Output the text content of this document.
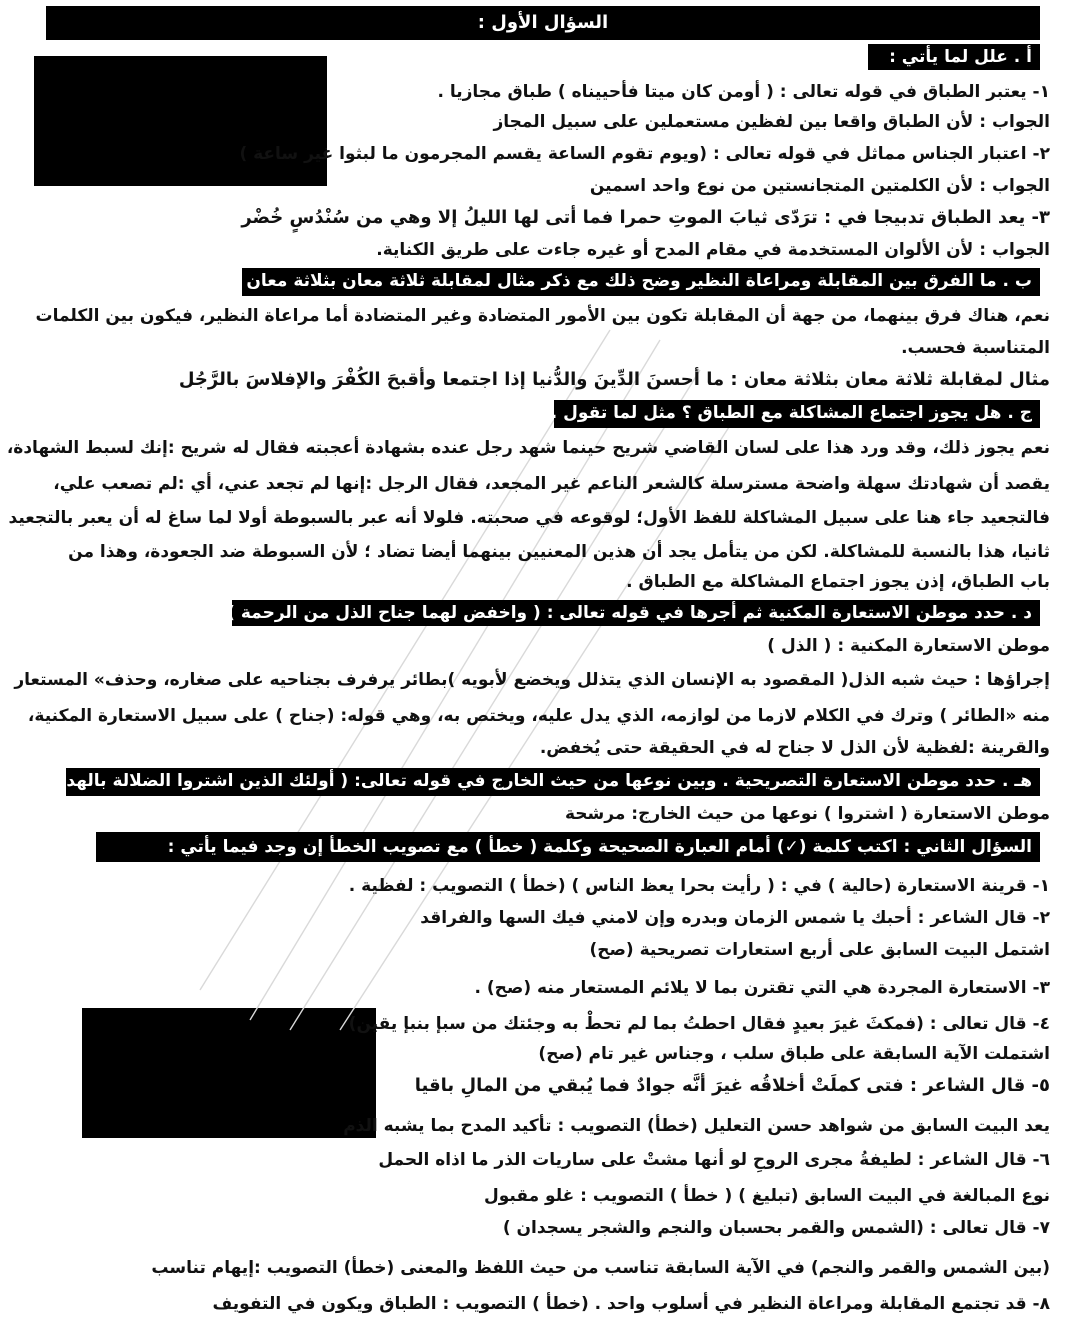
السؤال الأول :
أ . علل لما يأتي :
١- يعتبر الطباق في قوله تعالى : ( أومن كان ميتا فأحييناه ) طباق مجازيا .
الجواب : لأن الطباق واقعا بين لفظين مستعملين على سبيل المجاز
٢- اعتبار الجناس مماثل في قوله تعالى : (ويوم تقوم الساعة يقسم المجرمون ما لبثوا غير ساعة )
الجواب : لأن الكلمتين المتجانستين من نوع واحد اسمين
٣- يعد الطباق تدبيجا في : ترَدّى ثيابَ الموتِ حمرا فما أتى لها الليلُ إلا وهي من سُنْدُسٍ خُضْر
الجواب : لأن الألوان المستخدمة في مقام المدح أو غيره جاءت على طريق الكناية.
ب . ما الفرق بين المقابلة ومراعاة النظير وضح ذلك مع ذكر مثال لمقابلة ثلاثة معان بثلاثة معان
نعم، هناك فرق بينهما، من جهة أن المقابلة تكون بين الأمور المتضادة وغير المتضادة أما مراعاة النظير، فيكون بين الكلمات
المتناسبة فحسب.
مثال لمقابلة ثلاثة معان بثلاثة معان : ما أحسنَ الدِّينَ والدُّنيا إذا اجتمعا وأقبحَ الكُفْرَ والإفلاسَ بالرَّجُل
ج . هل يجوز اجتماع المشاكلة مع الطباق ؟ مثل لما تقول .
نعم يجوز ذلك، وقد ورد هذا على لسان القاضي شريح حينما شهد رجل عنده بشهادة أعجبته فقال له شريح :إنك لسبط الشهادة،
يقصد أن شهادتك سهلة واضحة مسترسلة كالشعر الناعم غير المجعد، فقال الرجل :إنها لم تجعد عني، أي :لم تصعب علي،
فالتجعيد جاء هنا على سبيل المشاكلة للفظ الأول؛ لوقوعه في صحبته. فلولا أنه عبر بالسبوطة أولا لما ساغ له أن يعبر بالتجعيد
ثانيا، هذا بالنسبة للمشاكلة. لكن من يتأمل يجد أن هذين المعنيين بينهما أيضا تضاد ؛ لأن السبوطة ضد الجعودة، وهذا من
باب الطباق، إذن يجوز اجتماع المشاكلة مع الطباق .
د . حدد موطن الاستعارة المكنية ثم أجرها في قوله تعالى : ( واخفض لهما جناح الذل من الرحمة )
موطن الاستعارة المكنية : ( الذل )
إجراؤها : حيث شبه الذل( المقصود به الإنسان الذي يتذلل ويخضع لأبويه )بطائر يرفرف بجناحيه على صغاره، وحذف» المستعار
منه «الطائر ) وترك في الكلام لازما من لوازمه، الذي يدل عليه، ويختص به، وهي قوله: (جناح ) على سبيل الاستعارة المكنية،
والقرينة :لفظية لأن الذل لا جناح له في الحقيقة حتى يُخفض.
هـ . حدد موطن الاستعارة التصريحية . وبين نوعها من حيث الخارج في قوله تعالى: ( أولئك الذين اشتروا الضلالة بالهدى )
موطن الاستعارة ( اشتروا ) نوعها من حيث الخارج: مرشحة
السؤال الثاني : اكتب كلمة (✓) أمام العبارة الصحيحة وكلمة ( خطأ ) مع تصويب الخطأ إن وجد فيما يأتي :
١- قرينة الاستعارة (حالية ) في : ( رأيت بحرا يعظ الناس ) (خطأ ) التصويب : لفظية .
٢- قال الشاعر : أحبك يا شمس الزمان وبدره وإن لامني فيك السها والفراقد
اشتمل البيت السابق على أربع استعارات تصريحية (صح)
٣- الاستعارة المجردة هي التي تقترن بما لا يلائم المستعار منه (صح) .
٤- قال تعالى : (فمكثَ غيرَ بعيدٍ فقال احطتُ بما لم تحطْ به وجئتك من سبإ بنبإ يقين)
اشتملت الآية السابقة على طباق سلب ، وجناس غير تام (صح)
٥- قال الشاعر : فتى كملَتْ أخلاقُه غيرَ أنَّه جوادٌ فما يُبقي من المالِ باقيا
يعد البيت السابق من شواهد حسن التعليل (خطأ) التصويب : تأكيد المدح بما يشبه الذم
٦- قال الشاعر : لطيفةُ مجرى الروحِ لو أنها مشتْ على ساريات الذر ما اذاه الحمل
نوع المبالغة في البيت السابق (تبليغ ) ( خطأ ) التصويب : غلو مقبول
٧- قال تعالى : (الشمس والقمر بحسبان والنجم والشجر يسجدان )
(بين الشمس والقمر والنجم) في الآية السابقة تناسب من حيث اللفظ والمعنى (خطأ) التصويب :إيهام تناسب
٨- قد تجتمع المقابلة ومراعاة النظير في أسلوب واحد . (خطأ ) التصويب : الطباق ويكون في التفويف
